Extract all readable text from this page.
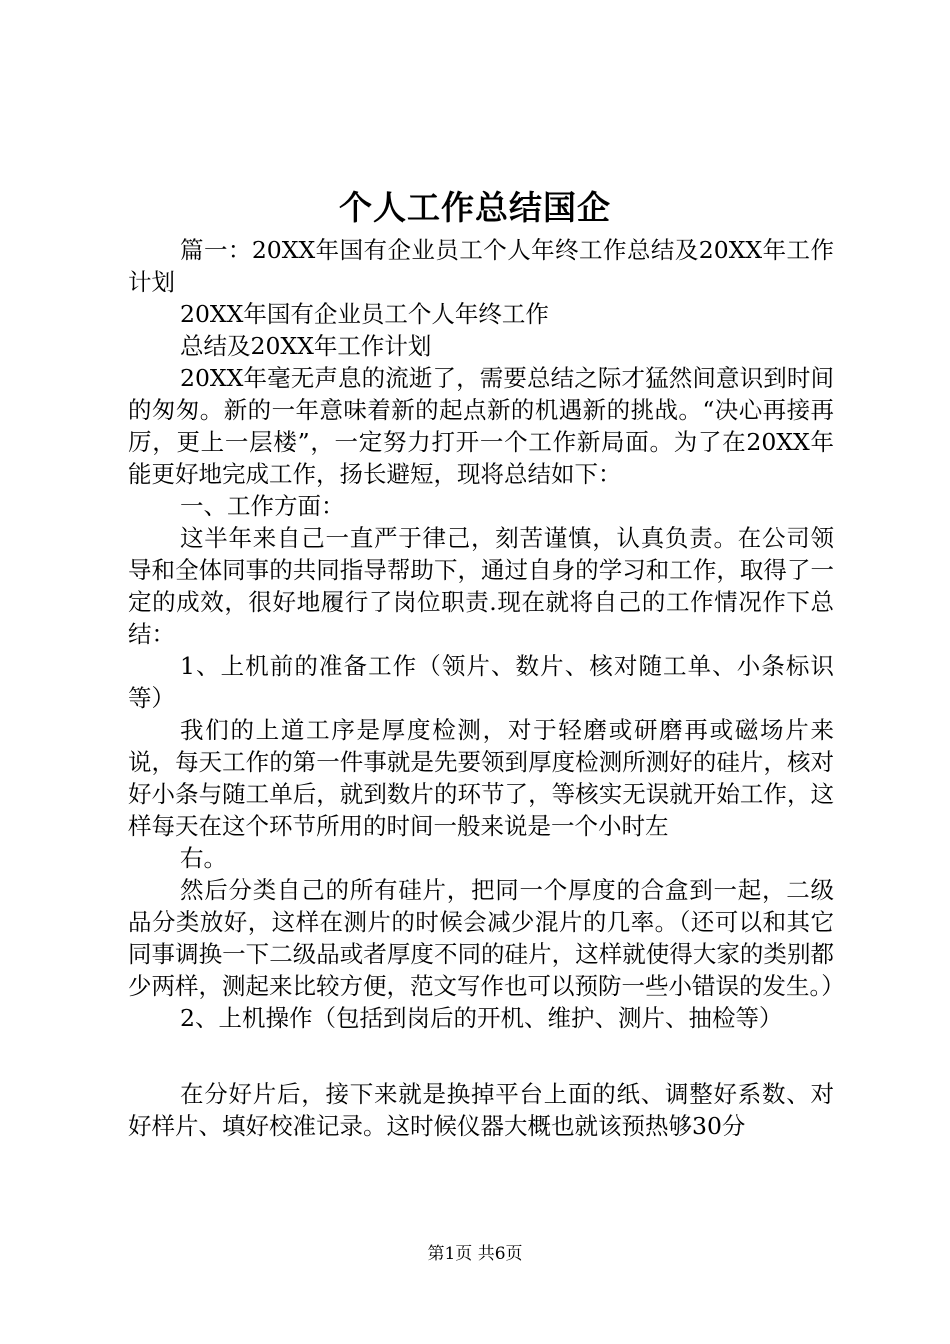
个人工作总结国企

篇一：20XX年国有企业员工个人年终工作总结及20XX年工作计划

20XX年国有企业员工个人年终工作

总结及20XX年工作计划

20XX年毫无声息的流逝了，需要总结之际才猛然间意识到时间的匆匆。新的一年意味着新的起点新的机遇新的挑战。“决心再接再厉，更上一层楼”，一定努力打开一个工作新局面。为了在20XX年能更好地完成工作，扬长避短，现将总结如下：

一、工作方面：

这半年来自己一直严于律己，刻苦谨慎，认真负责。在公司领导和全体同事的共同指导帮助下，通过自身的学习和工作，取得了一定的成效，很好地履行了岗位职责.现在就将自己的工作情况作下总结：

1、上机前的准备工作（领片、数片、核对随工单、小条标识等）

我们的上道工序是厚度检测，对于轻磨或研磨再或磁场片来说，每天工作的第一件事就是先要领到厚度检测所测好的硅片，核对好小条与随工单后，就到数片的环节了，等核实无误就开始工作，这样每天在这个环节所用的时间一般来说是一个小时左

右。

然后分类自己的所有硅片，把同一个厚度的合盒到一起，二级品分类放好，这样在测片的时候会减少混片的几率。（还可以和其它同事调换一下二级品或者厚度不同的硅片，这样就使得大家的类别都少两样，测起来比较方便，范文写作也可以预防一些小错误的发生。）

2、上机操作（包括到岗后的开机、维护、测片、抽检等）

在分好片后，接下来就是换掉平台上面的纸、调整好系数、对好样片、填好校准记录。这时候仪器大概也就该预热够30分

第1页 共6页
